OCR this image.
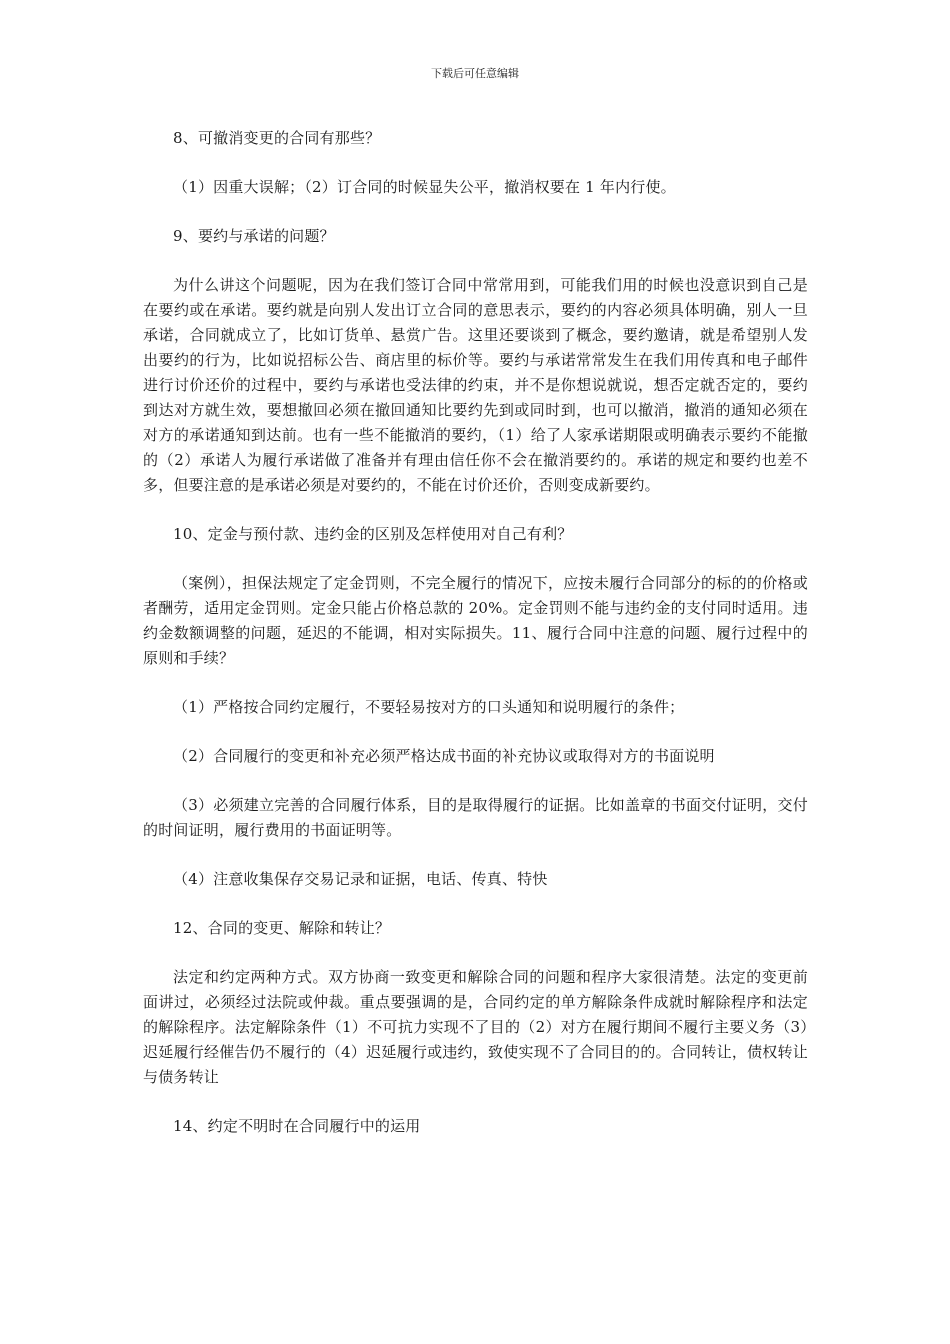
下载后可任意编辑

8、可撤消变更的合同有那些？

（1）因重大误解；（2）订合同的时候显失公平，撤消权要在 1 年内行使。

9、要约与承诺的问题？

为什么讲这个问题呢，因为在我们签订合同中常常用到，可能我们用的时候也没意识到自己是在要约或在承诺。要约就是向别人发出订立合同的意思表示，要约的内容必须具体明确，别人一旦承诺，合同就成立了，比如订货单、悬赏广告。这里还要谈到了概念，要约邀请，就是希望别人发出要约的行为，比如说招标公告、商店里的标价等。要约与承诺常常发生在我们用传真和电子邮件进行讨价还价的过程中，要约与承诺也受法律的约束，并不是你想说就说，想否定就否定的，要约到达对方就生效，要想撤回必须在撤回通知比要约先到或同时到，也可以撤消，撤消的通知必须在对方的承诺通知到达前。也有一些不能撤消的要约，（1）给了人家承诺期限或明确表示要约不能撤的（2）承诺人为履行承诺做了准备并有理由信任你不会在撤消要约的。承诺的规定和要约也差不多，但要注意的是承诺必须是对要约的，不能在讨价还价，否则变成新要约。

10、定金与预付款、违约金的区别及怎样使用对自己有利？

（案例），担保法规定了定金罚则，不完全履行的情况下，应按未履行合同部分的标的的价格或者酬劳，适用定金罚则。定金只能占价格总款的 20%。定金罚则不能与违约金的支付同时适用。违约金数额调整的问题，延迟的不能调，相对实际损失。11、履行合同中注意的问题、履行过程中的原则和手续？

（1）严格按合同约定履行，不要轻易按对方的口头通知和说明履行的条件；

（2）合同履行的变更和补充必须严格达成书面的补充协议或取得对方的书面说明

（3）必须建立完善的合同履行体系，目的是取得履行的证据。比如盖章的书面交付证明，交付的时间证明，履行费用的书面证明等。

（4）注意收集保存交易记录和证据，电话、传真、特快

12、合同的变更、解除和转让？

法定和约定两种方式。双方协商一致变更和解除合同的问题和程序大家很清楚。法定的变更前面讲过，必须经过法院或仲裁。重点要强调的是，合同约定的单方解除条件成就时解除程序和法定的解除程序。法定解除条件（1）不可抗力实现不了目的（2）对方在履行期间不履行主要义务（3）迟延履行经催告仍不履行的（4）迟延履行或违约，致使实现不了合同目的的。合同转让，债权转让与债务转让

14、约定不明时在合同履行中的运用
